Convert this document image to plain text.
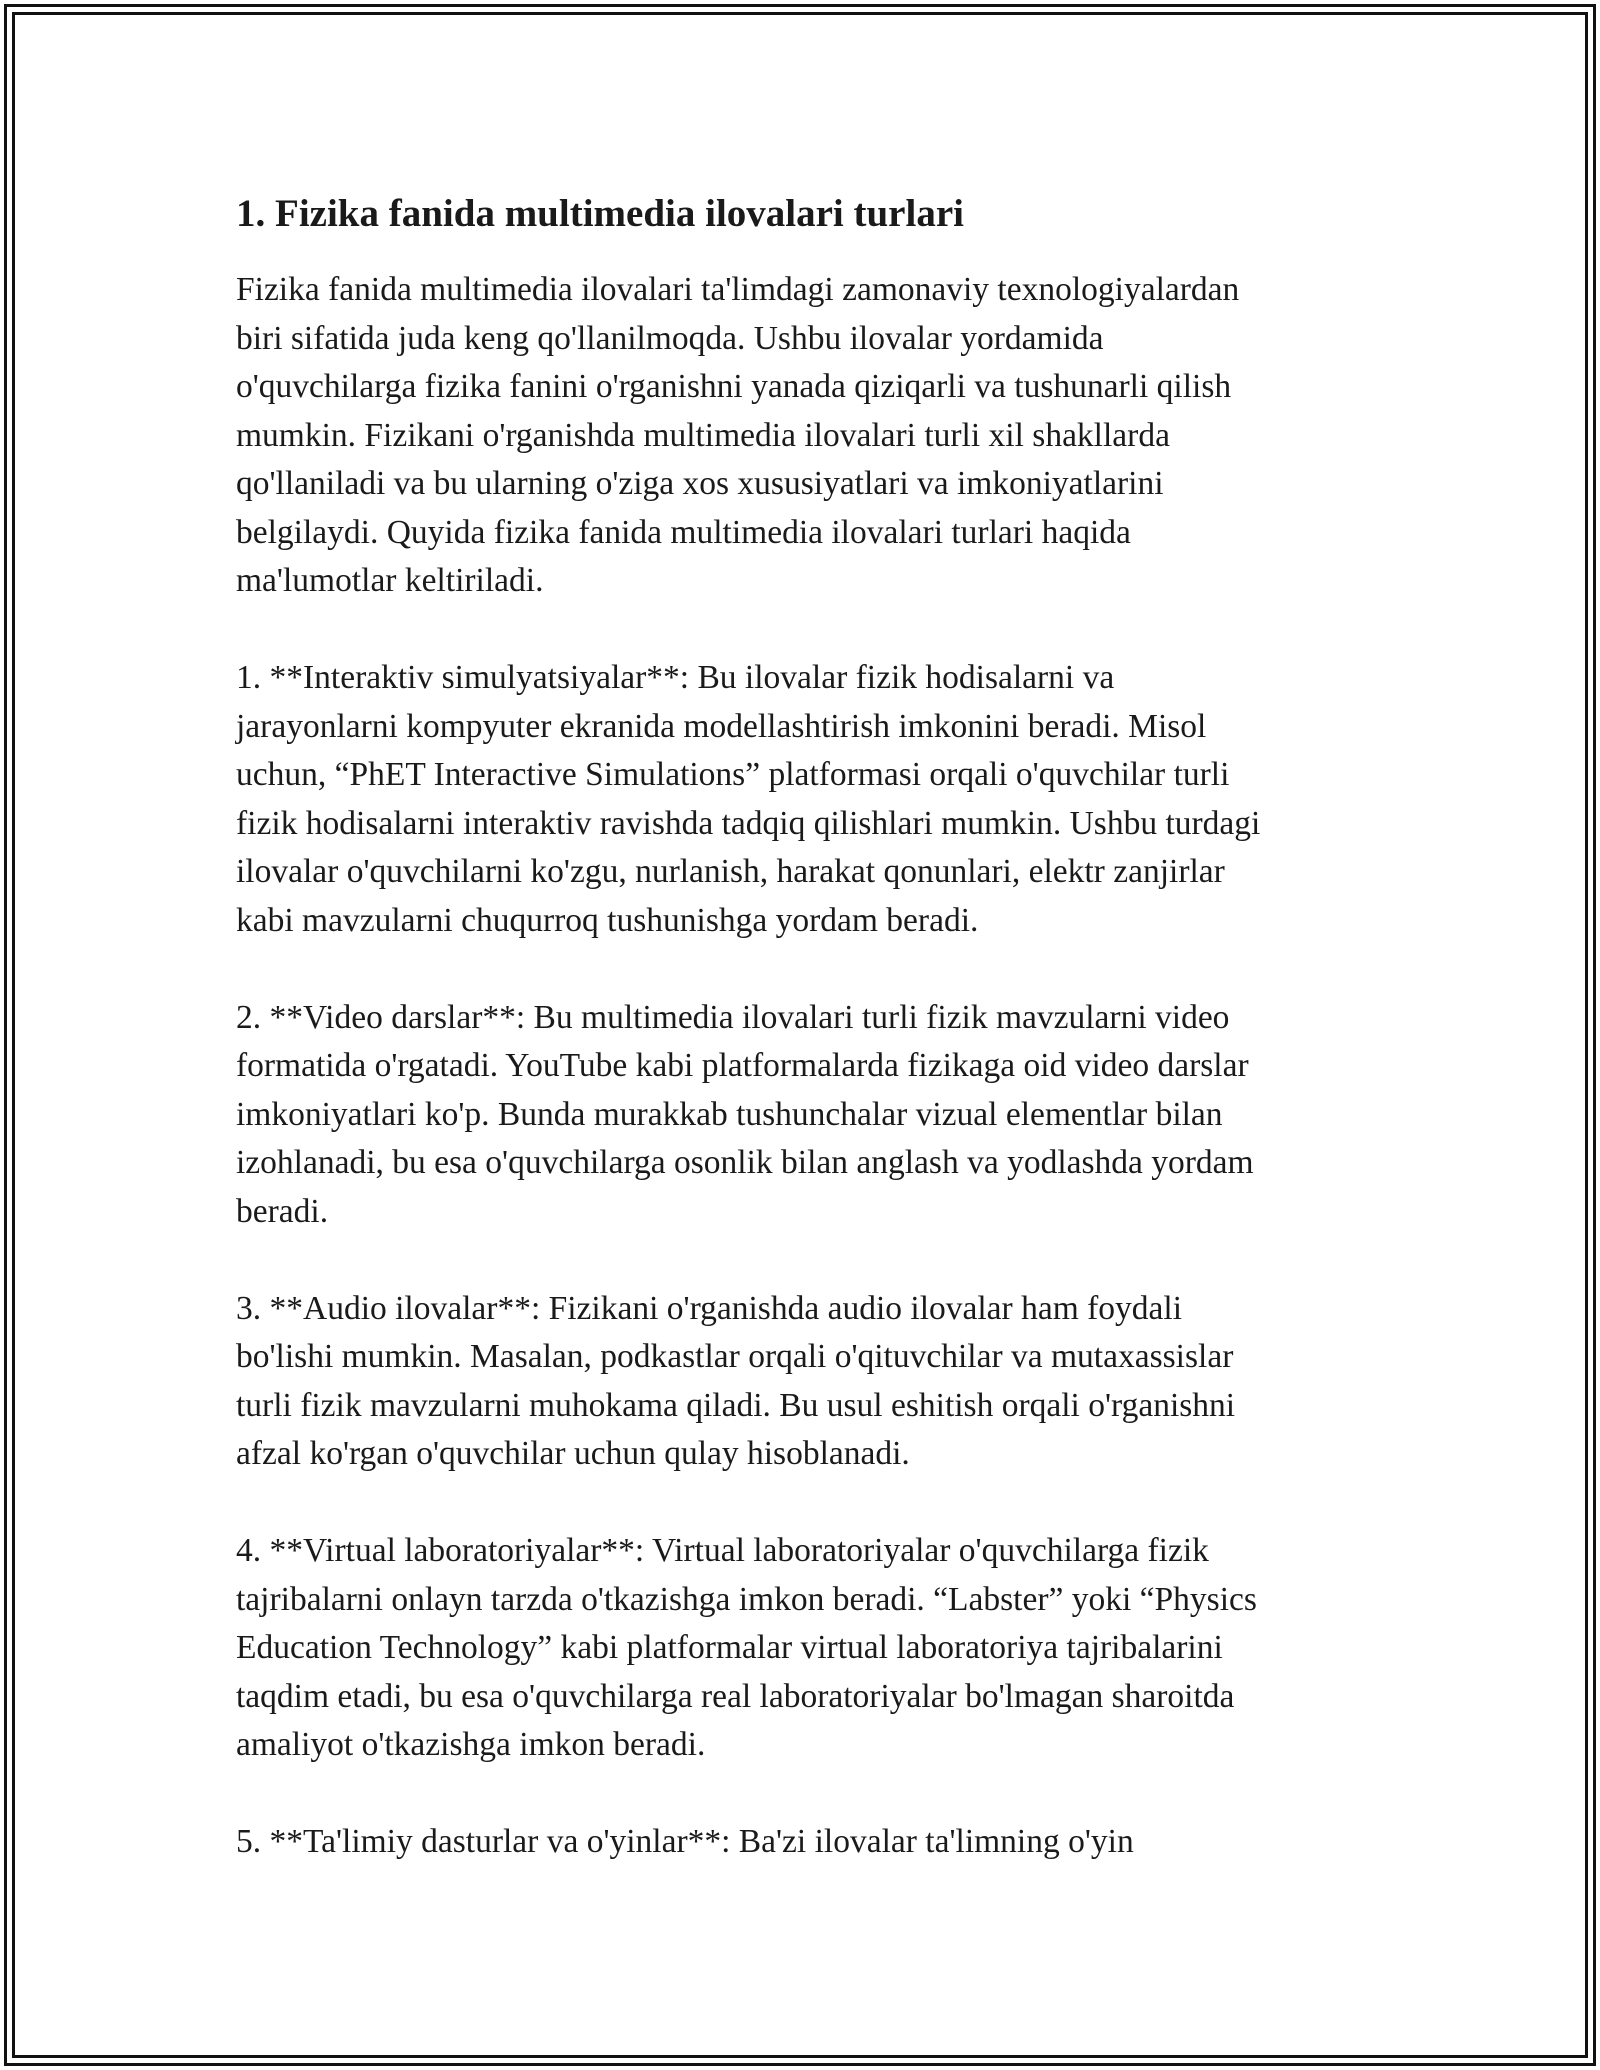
1. Fizika fanida multimedia ilovalari turlari

Fizika fanida multimedia ilovalari ta'limdagi zamonaviy texnologiyalardan
biri sifatida juda keng qo'llanilmoqda. Ushbu ilovalar yordamida
o'quvchilarga fizika fanini o'rganishni yanada qiziqarli va tushunarli qilish
mumkin. Fizikani o'rganishda multimedia ilovalari turli xil shakllarda
qo'llaniladi va bu ularning o'ziga xos xususiyatlari va imkoniyatlarini
belgilaydi. Quyida fizika fanida multimedia ilovalari turlari haqida
ma'lumotlar keltiriladi.

1. **Interaktiv simulyatsiyalar**: Bu ilovalar fizik hodisalarni va
jarayonlarni kompyuter ekranida modellashtirish imkonini beradi. Misol
uchun, “PhET Interactive Simulations” platformasi orqali o'quvchilar turli
fizik hodisalarni interaktiv ravishda tadqiq qilishlari mumkin. Ushbu turdagi
ilovalar o'quvchilarni ko'zgu, nurlanish, harakat qonunlari, elektr zanjirlar
kabi mavzularni chuqurroq tushunishga yordam beradi.

2. **Video darslar**: Bu multimedia ilovalari turli fizik mavzularni video
formatida o'rgatadi. YouTube kabi platformalarda fizikaga oid video darslar
imkoniyatlari ko'p. Bunda murakkab tushunchalar vizual elementlar bilan
izohlanadi, bu esa o'quvchilarga osonlik bilan anglash va yodlashda yordam
beradi.

3. **Audio ilovalar**: Fizikani o'rganishda audio ilovalar ham foydali
bo'lishi mumkin. Masalan, podkastlar orqali o'qituvchilar va mutaxassislar
turli fizik mavzularni muhokama qiladi. Bu usul eshitish orqali o'rganishni
afzal ko'rgan o'quvchilar uchun qulay hisoblanadi.

4. **Virtual laboratoriyalar**: Virtual laboratoriyalar o'quvchilarga fizik
tajribalarni onlayn tarzda o'tkazishga imkon beradi. “Labster” yoki “Physics
Education Technology” kabi platformalar virtual laboratoriya tajribalarini
taqdim etadi, bu esa o'quvchilarga real laboratoriyalar bo'lmagan sharoitda
amaliyot o'tkazishga imkon beradi.

5. **Ta'limiy dasturlar va o'yinlar**: Ba'zi ilovalar ta'limning o'yin
